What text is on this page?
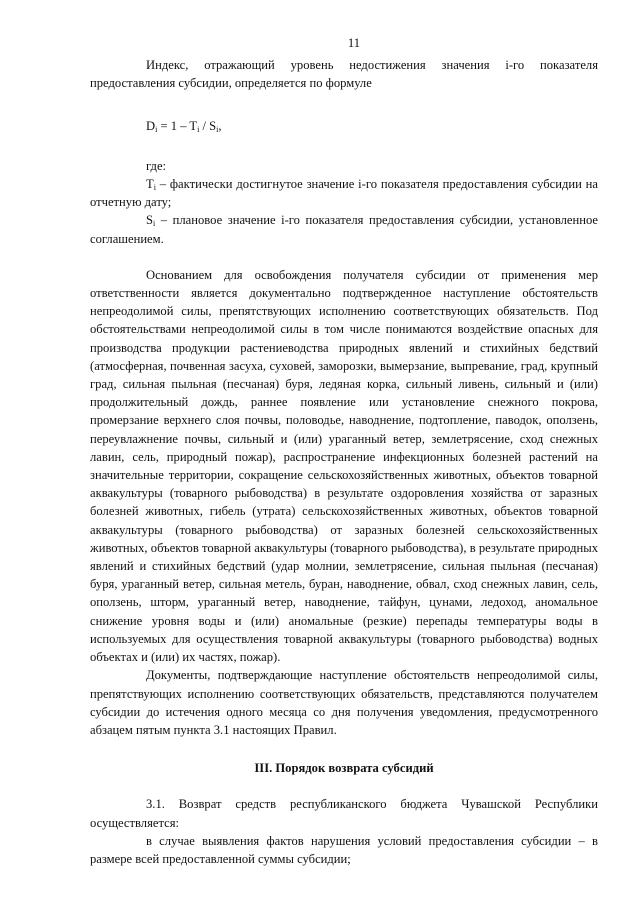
11

Индекс, отражающий уровень недостижения значения i-го показателя предоставления субсидии, определяется по формуле

$D_i = 1 - T_i / S_i$,

где:

$T_i$ – фактически достигнутое значение i-го показателя предоставления субсидии на отчетную дату;

$S_i$ – плановое значение i-го показателя предоставления субсидии, установленное соглашением.

Основанием для освобождения получателя субсидии от применения мер ответственности является документально подтвержденное наступление обстоятельств непреодолимой силы, препятствующих исполнению соответствующих обязательств. Под обстоятельствами непреодолимой силы в том числе понимаются воздействие опасных для производства продукции растениеводства природных явлений и стихийных бедствий (атмосферная, почвенная засуха, суховей, заморозки, вымерзание, выпревание, град, крупный град, сильная пыльная (песчаная) буря, ледяная корка, сильный ливень, сильный и (или) продолжительный дождь, раннее появление или установление снежного покрова, промерзание верхнего слоя почвы, половодье, наводнение, подтопление, паводок, оползень, переувлажнение почвы, сильный и (или) ураганный ветер, землетрясение, сход снежных лавин, сель, природный пожар), распространение инфекционных болезней растений на значительные территории, сокращение сельскохозяйственных животных, объектов товарной аквакультуры (товарного рыбоводства) в результате оздоровления хозяйства от заразных болезней животных, гибель (утрата) сельскохозяйственных животных, объектов товарной аквакультуры (товарного рыбоводства) от заразных болезней сельскохозяйственных животных, объектов товарной аквакультуры (товарного рыбоводства), в результате природных явлений и стихийных бедствий (удар молнии, землетрясение, сильная пыльная (песчаная) буря, ураганный ветер, сильная метель, буран, наводнение, обвал, сход снежных лавин, сель, оползень, шторм, ураганный ветер, наводнение, тайфун, цунами, ледоход, аномальное снижение уровня воды и (или) аномальные (резкие) перепады температуры воды в используемых для осуществления товарной аквакультуры (товарного рыбоводства) водных объектах и (или) их частях, пожар).

Документы, подтверждающие наступление обстоятельств непреодолимой силы, препятствующих исполнению соответствующих обязательств, представляются получателем субсидии до истечения одного месяца со дня получения уведомления, предусмотренного абзацем пятым пункта 3.1 настоящих Правил.

III. Порядок возврата субсидий

3.1. Возврат средств республиканского бюджета Чувашской Республики осуществляется:

в случае выявления фактов нарушения условий предоставления субсидии – в размере всей предоставленной суммы субсидии;
